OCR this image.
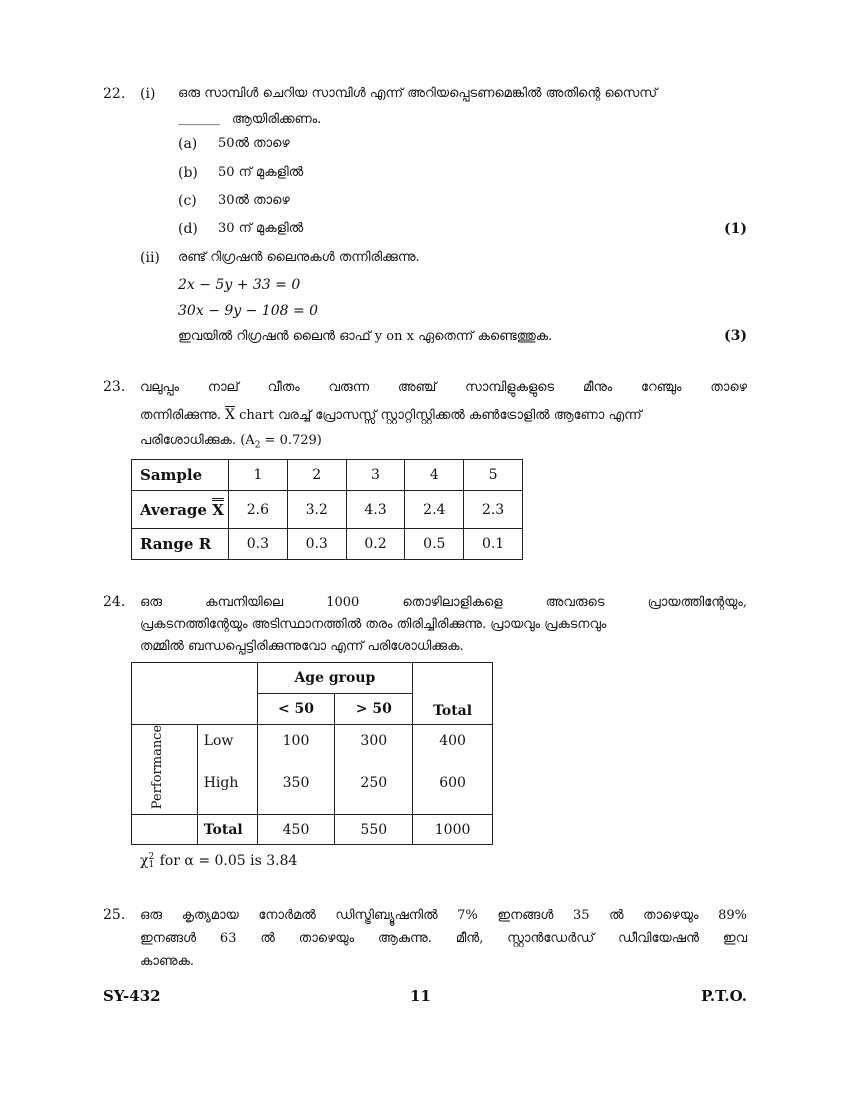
22. (i) ഒരു സാമ്പിൾ ചെറിയ സാമ്പിൾ എന്ന് അറിയപ്പെടണമെങ്കിൽ അതിന്റെ സൈസ്
______ ആയിരിക്കണം.
(a) 50ൽ താഴെ
(b) 50 ന് മുകളിൽ
(c) 30ൽ താഴെ
(d) 30 ന് മുകളിൽ	(1)
(ii) രണ്ട് റിഗ്രഷൻ ലൈനുകൾ തന്നിരിക്കുന്നു.
2x − 5y + 33 = 0
30x − 9y − 108 = 0
ഇവയിൽ റിഗ്രഷൻ ലൈൻ ഓഫ് y on x ഏതെന്ന് കണ്ടെത്തുക.	(3)
23. വലുപ്പം നാല് വീതം വരുന്ന അഞ്ച് സാമ്പിളുകളുടെ മീനും റേഞ്ചും താഴെ
തന്നിരിക്കുന്നു. $\overline{X}$ chart വരച്ച് പ്രോസസ്സ് സ്റ്റാറ്റിസ്റ്റിക്കൽ കൺട്രോളിൽ ആണോ എന്ന്
പരിശോധിക്കുക. $(A_2 = 0.729)$
Sample	1	2	3	4	5
Average X	2.6	3.2	4.3	2.4	2.3
Range R	0.3	0.3	0.2	0.5	0.1
24. ഒരു കമ്പനിയിലെ 1000 തൊഴിലാളികളെ അവരുടെ പ്രായത്തിന്റേയും,
പ്രകടനത്തിന്റേയും അടിസ്ഥാനത്തിൽ തരം തിരിച്ചിരിക്കുന്നു. പ്രായവും പ്രകടനവും
തമ്മിൽ ബന്ധപ്പെട്ടിരിക്കുന്നുവോ എന്ന് പരിശോധിക്കുക.
		Age group		Total
		< 50	> 50	
	Low	100	300	400
	High	350	250	600
	Total	450	550	1000
Performance
χ 2
1 for α = 0.05 is 3.84
25. ഒരു കൃത്യമായ നോർമൽ ഡിസ്ട്രിബ്യൂഷനിൽ 7% ഇനങ്ങൾ 35 ൽ താഴെയും 89%
ഇനങ്ങൾ 63 ൽ താഴെയും ആകുന്നു. മീൻ, സ്റ്റാൻഡേർഡ് ഡീവിയേഷൻ ഇവ
കാണുക.
SY-432	11	P.T.O.
